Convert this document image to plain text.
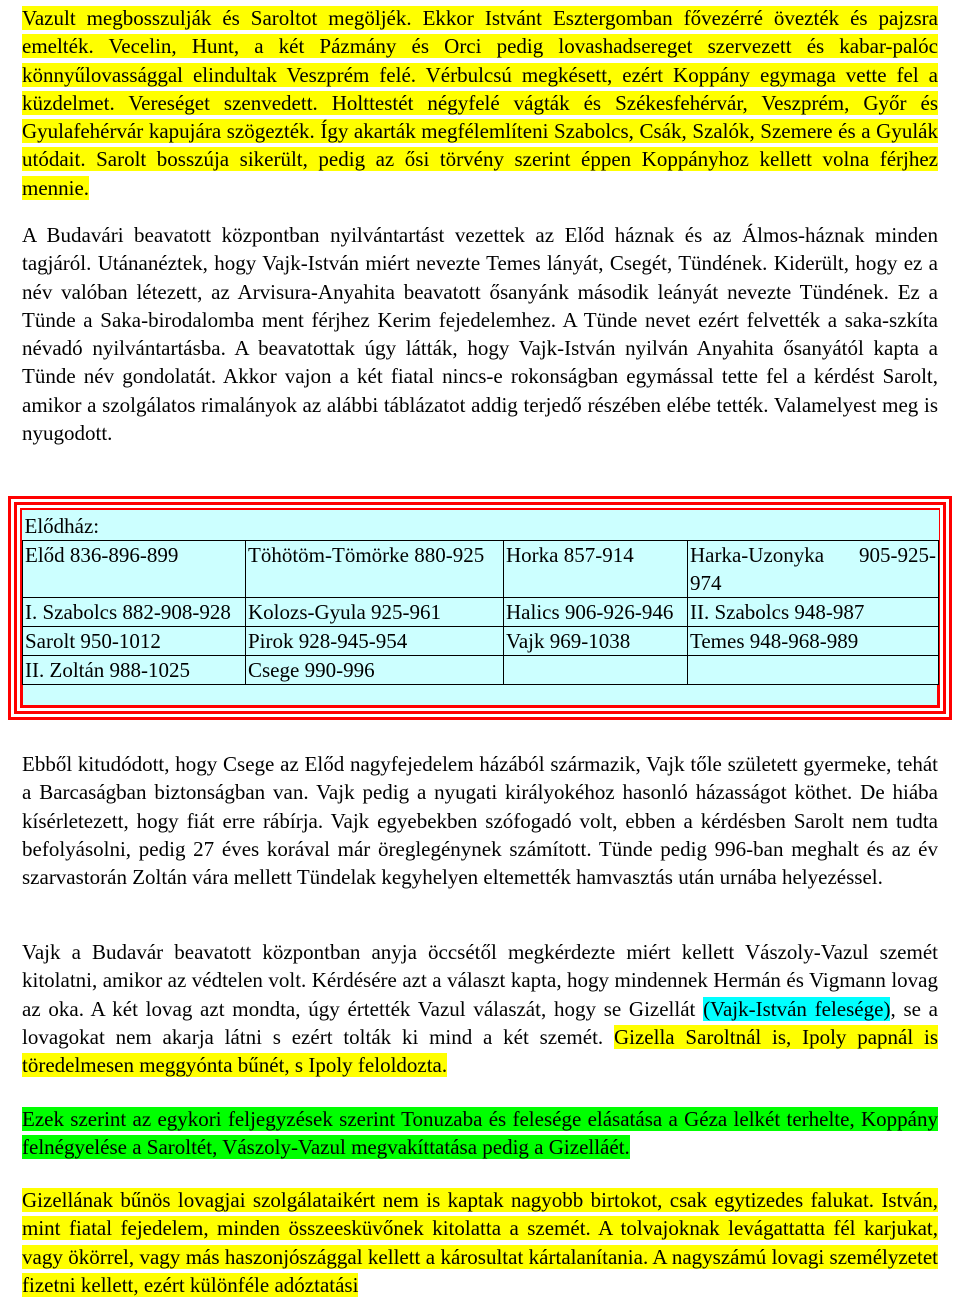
Vazult megbosszulják és Saroltot megöljék. Ekkor Istvánt Esztergomban fővezérré övezték és pajzsra emelték. Vecelin, Hunt, a két Pázmány és Orci pedig lovashadsereget szervezett és kabar-palóc könnyűlovassággal elindultak Veszprém felé. Vérbulcsú megkésett, ezért Koppány egymaga vette fel a küzdelmet. Vereséget szenvedett. Holttestét négyfelé vágták és Székesfehérvár, Veszprém, Győr és Gyulafehérvár kapujára szögezték. Így akarták megfélemlíteni Szabolcs, Csák, Szalók, Szemere és a Gyulák utódait. Sarolt bosszúja sikerült, pedig az ősi törvény szerint éppen Koppányhoz kellett volna férjhez mennie.

A Budavári beavatott központban nyilvántartást vezettek az Előd háznak és az Álmos-háznak minden tagjáról. Utánanéztek, hogy Vajk-István miért nevezte Temes lányát, Csegét, Tündének. Kiderült, hogy ez a név valóban létezett, az Arvisura-Anyahita beavatott ősanyánk második leányát nevezte Tündének. Ez a Tünde a Saka-birodalomba ment férjhez Kerim fejedelemhez. A Tünde nevet ezért felvették a saka-szkíta névadó nyilvántartásba. A beavatottak úgy látták, hogy Vajk-István nyilván Anyahita ősanyától kapta a Tünde név gondolatát. Akkor vajon a két fiatal nincs-e rokonságban egymással tette fel a kérdést Sarolt, amikor a szolgálatos rimalányok az alábbi táblázatot addig terjedő részében elébe tették. Valamelyest meg is nyugodott.

Elődház:			
Előd 836-896-899	Töhötöm-Tömörke 880-925	Horka 857-914	Harka-Uzonyka 905-925-974
I. Szabolcs 882-908-928	Kolozs-Gyula 925-961	Halics 906-926-946	II. Szabolcs 948-987
Sarolt 950-1012	Pirok 928-945-954	Vajk 969-1038	Temes 948-968-989
II. Zoltán 988-1025	Csege 990-996		

Ebből kitudódott, hogy Csege az Előd nagyfejedelem házából származik, Vajk tőle született gyermeke, tehát a Barcaságban biztonságban van. Vajk pedig a nyugati királyokéhoz hasonló házasságot köthet. De hiába kísérletezett, hogy fiát erre rábírja. Vajk egyebekben szófogadó volt, ebben a kérdésben Sarolt nem tudta befolyásolni, pedig 27 éves korával már öreglegénynek számított. Tünde pedig 996-ban meghalt és az év szarvastorán Zoltán vára mellett Tündelak kegyhelyen eltemették hamvasztás után urnába helyezéssel.

Vajk a Budavár beavatott központban anyja öccsétől megkérdezte miért kellett Vászoly-Vazul szemét kitolatni, amikor az védtelen volt. Kérdésére azt a választ kapta, hogy mindennek Hermán és Vigmann lovag az oka. A két lovag azt mondta, úgy értették Vazul válaszát, hogy se Gizellát (Vajk-István felesége), se a lovagokat nem akarja látni s ezért tolták ki mind a két szemét. Gizella Saroltnál is, Ipoly papnál is töredelmesen meggyónta bűnét, s Ipoly feloldozta.

Ezek szerint az egykori feljegyzések szerint Tonuzaba és felesége elásatása a Géza lelkét terhelte, Koppány felnégyelése a Saroltét, Vászoly-Vazul megvakíttatása pedig a Gizelláét.

Gizellának bűnös lovagjai szolgálataikért nem is kaptak nagyobb birtokot, csak egytizedes falukat. István, mint fiatal fejedelem, minden összeesküvőnek kitolatta a szemét. A tolvajoknak levágattatta fél karjukat, vagy ökörrel, vagy más haszonjószággal kellett a károsultat kártalanítania. A nagyszámú lovagi személyzetet fizetni kellett, ezért különféle adóztatási
